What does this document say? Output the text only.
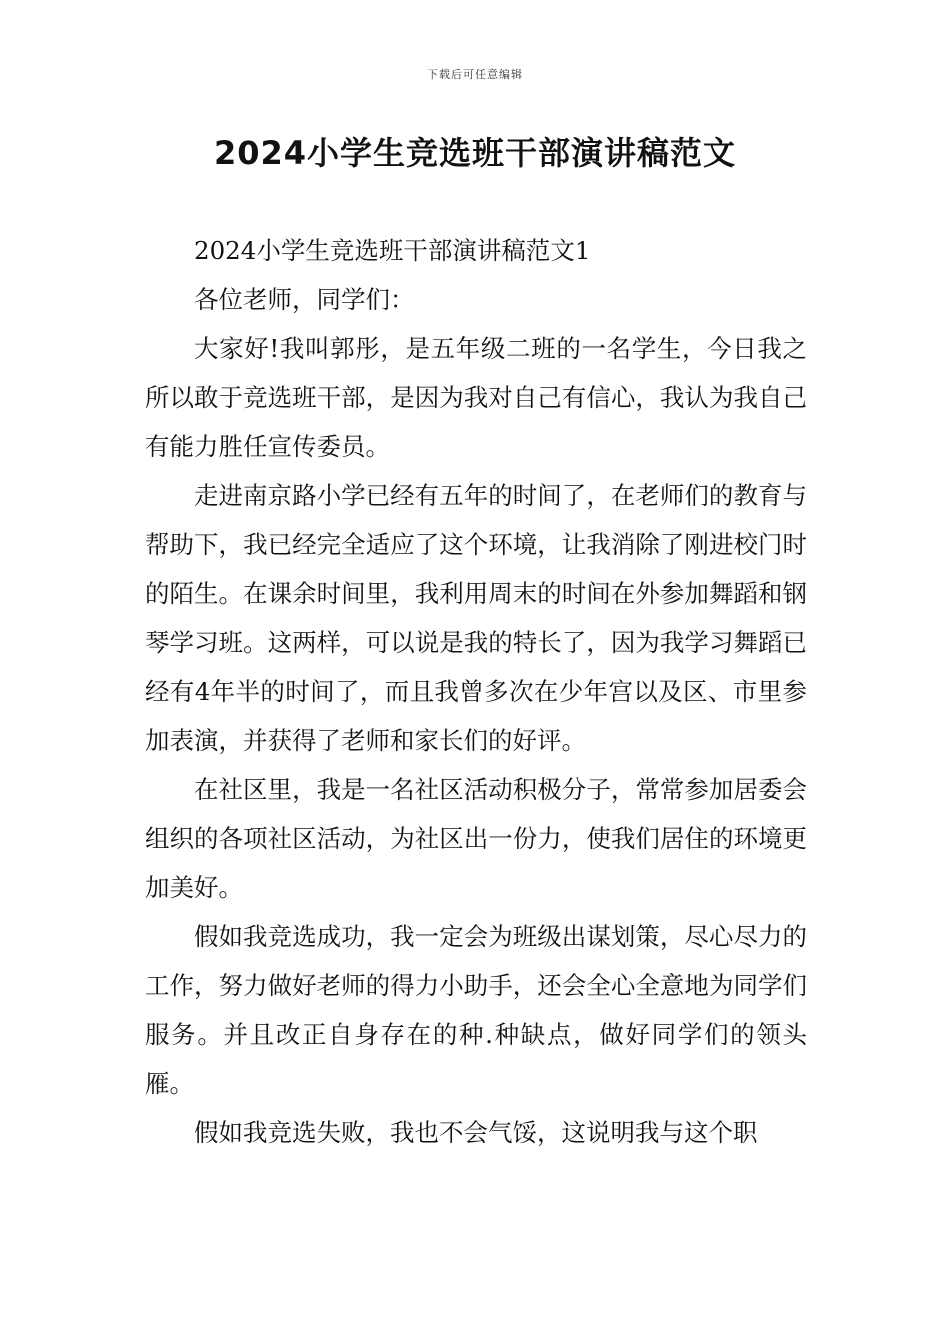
下载后可任意编辑
2024小学生竞选班干部演讲稿范文

2024小学生竞选班干部演讲稿范文1

各位老师，同学们：

大家好!我叫郭彤，是五年级二班的一名学生，今日我之所以敢于竞选班干部，是因为我对自己有信心，我认为我自己有能力胜任宣传委员。

走进南京路小学已经有五年的时间了，在老师们的教育与帮助下，我已经完全适应了这个环境，让我消除了刚进校门时的陌生。在课余时间里，我利用周末的时间在外参加舞蹈和钢琴学习班。这两样，可以说是我的特长了，因为我学习舞蹈已经有4年半的时间了，而且我曾多次在少年宫以及区、市里参加表演，并获得了老师和家长们的好评。

在社区里，我是一名社区活动积极分子，常常参加居委会组织的各项社区活动，为社区出一份力，使我们居住的环境更加美好。

假如我竞选成功，我一定会为班级出谋划策，尽心尽力的工作，努力做好老师的得力小助手，还会全心全意地为同学们服务。并且改正自身存在的种.种缺点，做好同学们的领头雁。

假如我竞选失败，我也不会气馁，这说明我与这个职
